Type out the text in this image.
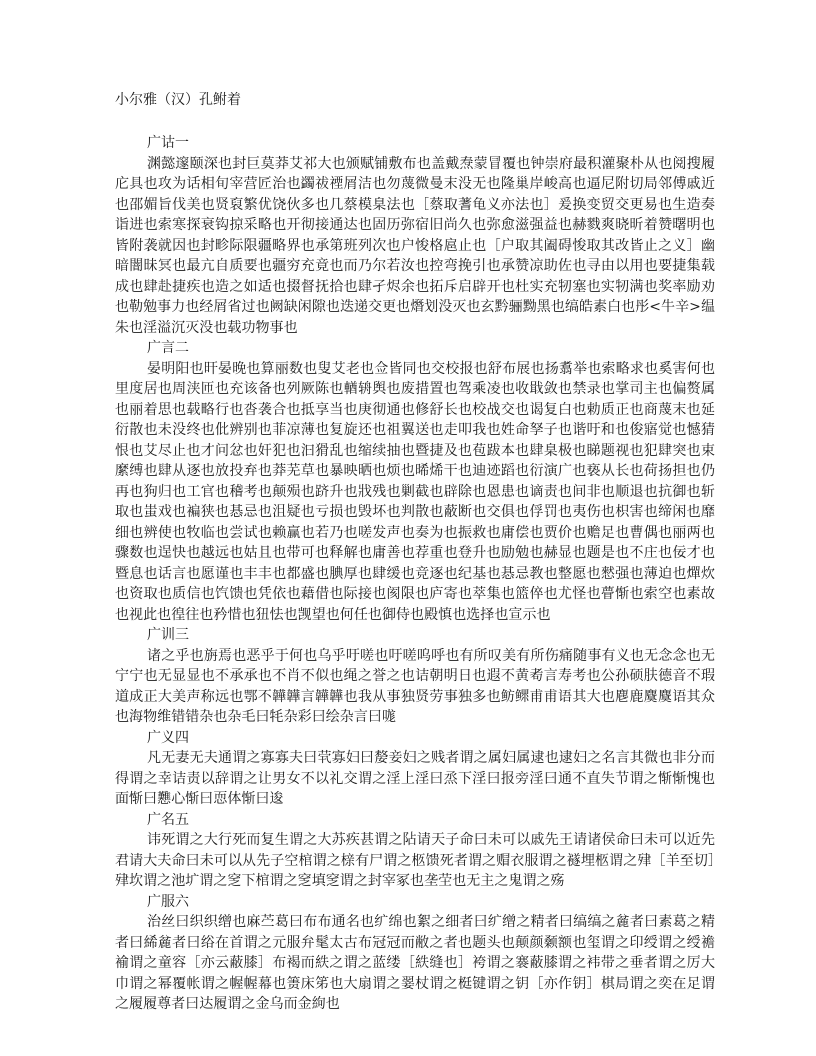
小尔雅（汉）孔鲋着
广诂一
渊懿邃颐深也封巨莫莽艾祁大也颁赋铺敷布也盖戴焘蒙冒覆也钟崇府最积灌聚朴从也阅搜履庀具也攻为话相旬宰营匠治也蠲祓禋屑洁也勿蔑微曼末没无也隆巢岸峻高也逼尼附切局邻傅戚近也邵媚旨伐美也贤裒繁优饶伙多也几蔡模臬法也［蔡取蓍龟义亦法也］爰换变贸交更易也生造奏诣进也索寒探衰钩掠采略也开彻接通达也固历弥宿旧尚久也弥愈滋强益也赫戮爽晓昕着赞曙明也皆附袭就因也封畛际限疆略界也承第班列次也户悛格扈止也［户取其阖碍悛取其改皆止之义］幽暗闇昧冥也最亢自质要也疆穷充竟也而乃尔若汝也控弯挽引也承赞凉助佐也寻由以用也要捷集载成也肆赴捷疾也造之如适也掇督抚拾也肆孑烬余也拓斥启辟开也杜实充牣塞也实牣满也奖率励劝也勒勉事力也经屑省过也阙缺闲隙也迭递交更也熸划没灭也玄黔骊黝黑也缟皓素白也彤<牛辛>缊朱也淫溢沉灭没也载功物事也
广言二
晏明阳也旰晏晚也算丽数也叟艾老也佥皆同也交校报也舒布展也扬翥举也索略求也奚害何也里度居也周浃匝也充该备也列厥陈也輶辀舆也废措置也驾乘凌也收戢敛也禁录也掌司主也偏赘属也丽着思也载略行也沓袭合也抵享当也庚彻通也修舒长也校战交也谒复白也勅质正也商蔑末也延衍散也未没终也仳辨别也菲凉薄也复旋还也祖翼送也走叩我也姓命孥子也谐吁和也俊寤觉也憾猜恨也艾尽止也才问忿也奸犯也汩猾乱也缩续抽也暨捷及也苞跋本也肆臬极也睇题视也犯肆突也束縻缚也肆从逐也放投弃也莽芜草也暴映晒也烦也晞烯干也迪迹蹈也衍演广也亵从长也荷扬担也仍再也狗归也工官也稽考也颠殒也跻升也戕残也剿截也辟除也恩患也谪责也间非也顺退也抗御也斩取也蚩戏也褊狭也惎忌也沮疑也亏损也毁坏也判散也蔽断也交俱也俘罚也夷伤也枳害也缔闲也靡细也辨使也牧临也尝试也赖赢也若乃也嗟发声也奏为也振救也庸偿也贾价也赡足也曹偶也丽两也骤数也逞快也越远也姑且也带可也释解也庸善也荐重也登升也励勉也赫显也题是也不庄也佞才也暨息也话言也愿谨也丰丰也都盛也腆厚也肆缓也竞逐也纪基也惎忌教也整愿也憖强也薄迫也燀炊也资取也质信也饩馈也凭依也藉借也际接也阂限也庐寄也萃集也篮倅也尤怪也瞢惭也索空也素故也视此也徨往也矜惜也狃怯也觊望也何任也御侍也殿慎也选择也宣示也
广训三
诸之乎也旃焉也恶乎于何也乌乎吁嗟也吁嗟呜呼也有所叹美有所伤痛随事有义也无念念也无宁宁也无显显也不承承也不肖不似也绳之誉之也诘朝明日也遐不黄耇言寿考也公孙硕肤德音不瑕道成正大美声称远也鄂不韡韡言韡韡也我从事独贤劳事独多也鲂鳏甫甫语其大也麀鹿麌麌语其众也海物维错错杂也杂毛曰牦杂彩曰绘杂言曰哤
广义四
凡无妻无夫通谓之寡寡夫曰茕寡妇曰嫠妾妇之贱者谓之属妇属逮也逮妇之名言其微也非分而得谓之幸诘责以辞谓之让男女不以礼交谓之淫上淫曰烝下淫曰报旁淫曰通不直失节谓之惭惭愧也面惭曰戁心惭曰恧体惭曰逡
广名五
讳死谓之大行死而复生谓之大苏疾甚谓之阽请天子命曰未可以戚先王请诸侯命曰未可以近先君请大夫命曰未可以从先子空棺谓之榇有尸谓之柩馈死者谓之赗衣服谓之襚埋柩谓之肂［羊至切］肂坎谓之池圹谓之窆下棺谓之窆填窆谓之封宰冢也垄茔也无主之鬼谓之殇
广服六
治丝曰织织缯也麻苎葛曰布布通名也纩绵也絮之细者曰纩缯之精者曰缟缟之麄者曰素葛之精者曰絺麄者曰绤在首谓之元服弁髦太古布冠冠而敝之者也题头也颠颜颡额也玺谓之印绶谓之绶襜褕谓之童容［亦云蔽膝］布褐而紩之谓之蓝缕［紩缝也］袴谓之褰蔽膝谓之袆带之垂者谓之厉大巾谓之幂覆帐谓之幄幄幕也箦床笫也大扇谓之翣杖谓之梃键谓之钥［亦作钥］棋局谓之奕在足谓之履履尊者曰达履谓之金乌而金絇也
